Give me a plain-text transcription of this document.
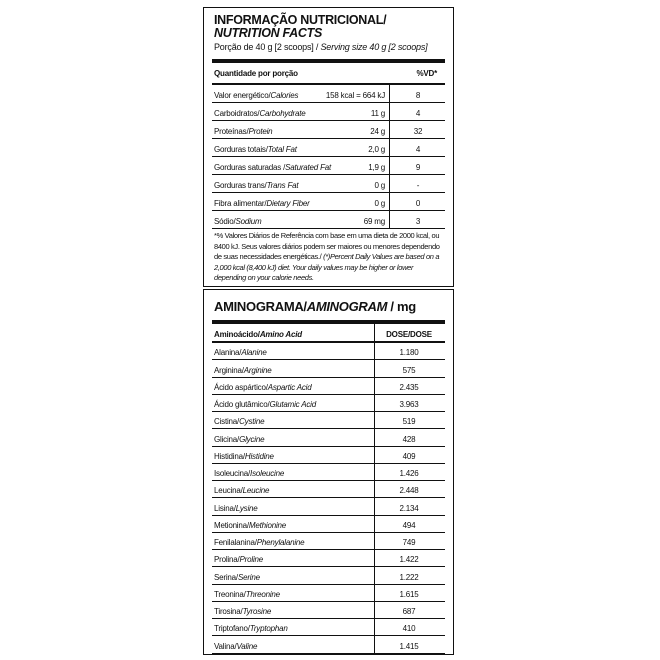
INFORMAÇÃO NUTRICIONAL/
NUTRITION FACTS
Porção de 40 g [2 scoops] / Serving size 40 g [2 scoops]
Quantidade por porção	%VD*
Valor energético/Calories	158 kcal = 664 kJ	8
Carboidratos/Carbohydrate	11 g	4
Proteínas/Protein	24 g	32
Gorduras totais/Total Fat	2,0 g	4
Gorduras saturadas /Saturated Fat	1,9 g	9
Gorduras trans/Trans Fat	0 g	-
Fibra alimentar/Dietary Fiber	0 g	0
Sódio/Sodium	69 mg	3
*% Valores Diários de Referência com base em uma dieta de 2000 kcal, ou 8400 kJ. Seus valores diários podem ser maiores ou menores dependendo de suas necessidades energéticas./ (*)Percent Daily Values are based on a 2,000 kcal (8,400 kJ) diet. Your daily values may be higher or lower depending on your calorie needs.
AMINOGRAMA/AMINOGRAM / mg
Aminoácido/Amino Acid	DOSE/DOSE
Alanina/Alanine	1.180
Arginina/Arginine	575
Ácido aspártico/Aspartic Acid	2.435
Ácido glutâmico/Glutamic Acid	3.963
Cistina/Cystine	519
Glicina/Glycine	428
Histidina/Histidine	409
Isoleucina/Isoleucine	1.426
Leucina/Leucine	2.448
Lisina/Lysine	2.134
Metionina/Methionine	494
Fenilalanina/Phenylalanine	749
Prolina/Proline	1.422
Serina/Serine	1.222
Treonina/Threonine	1.615
Tirosina/Tyrosine	687
Triptofano/Tryptophan	410
Valina/Valine	1.415
